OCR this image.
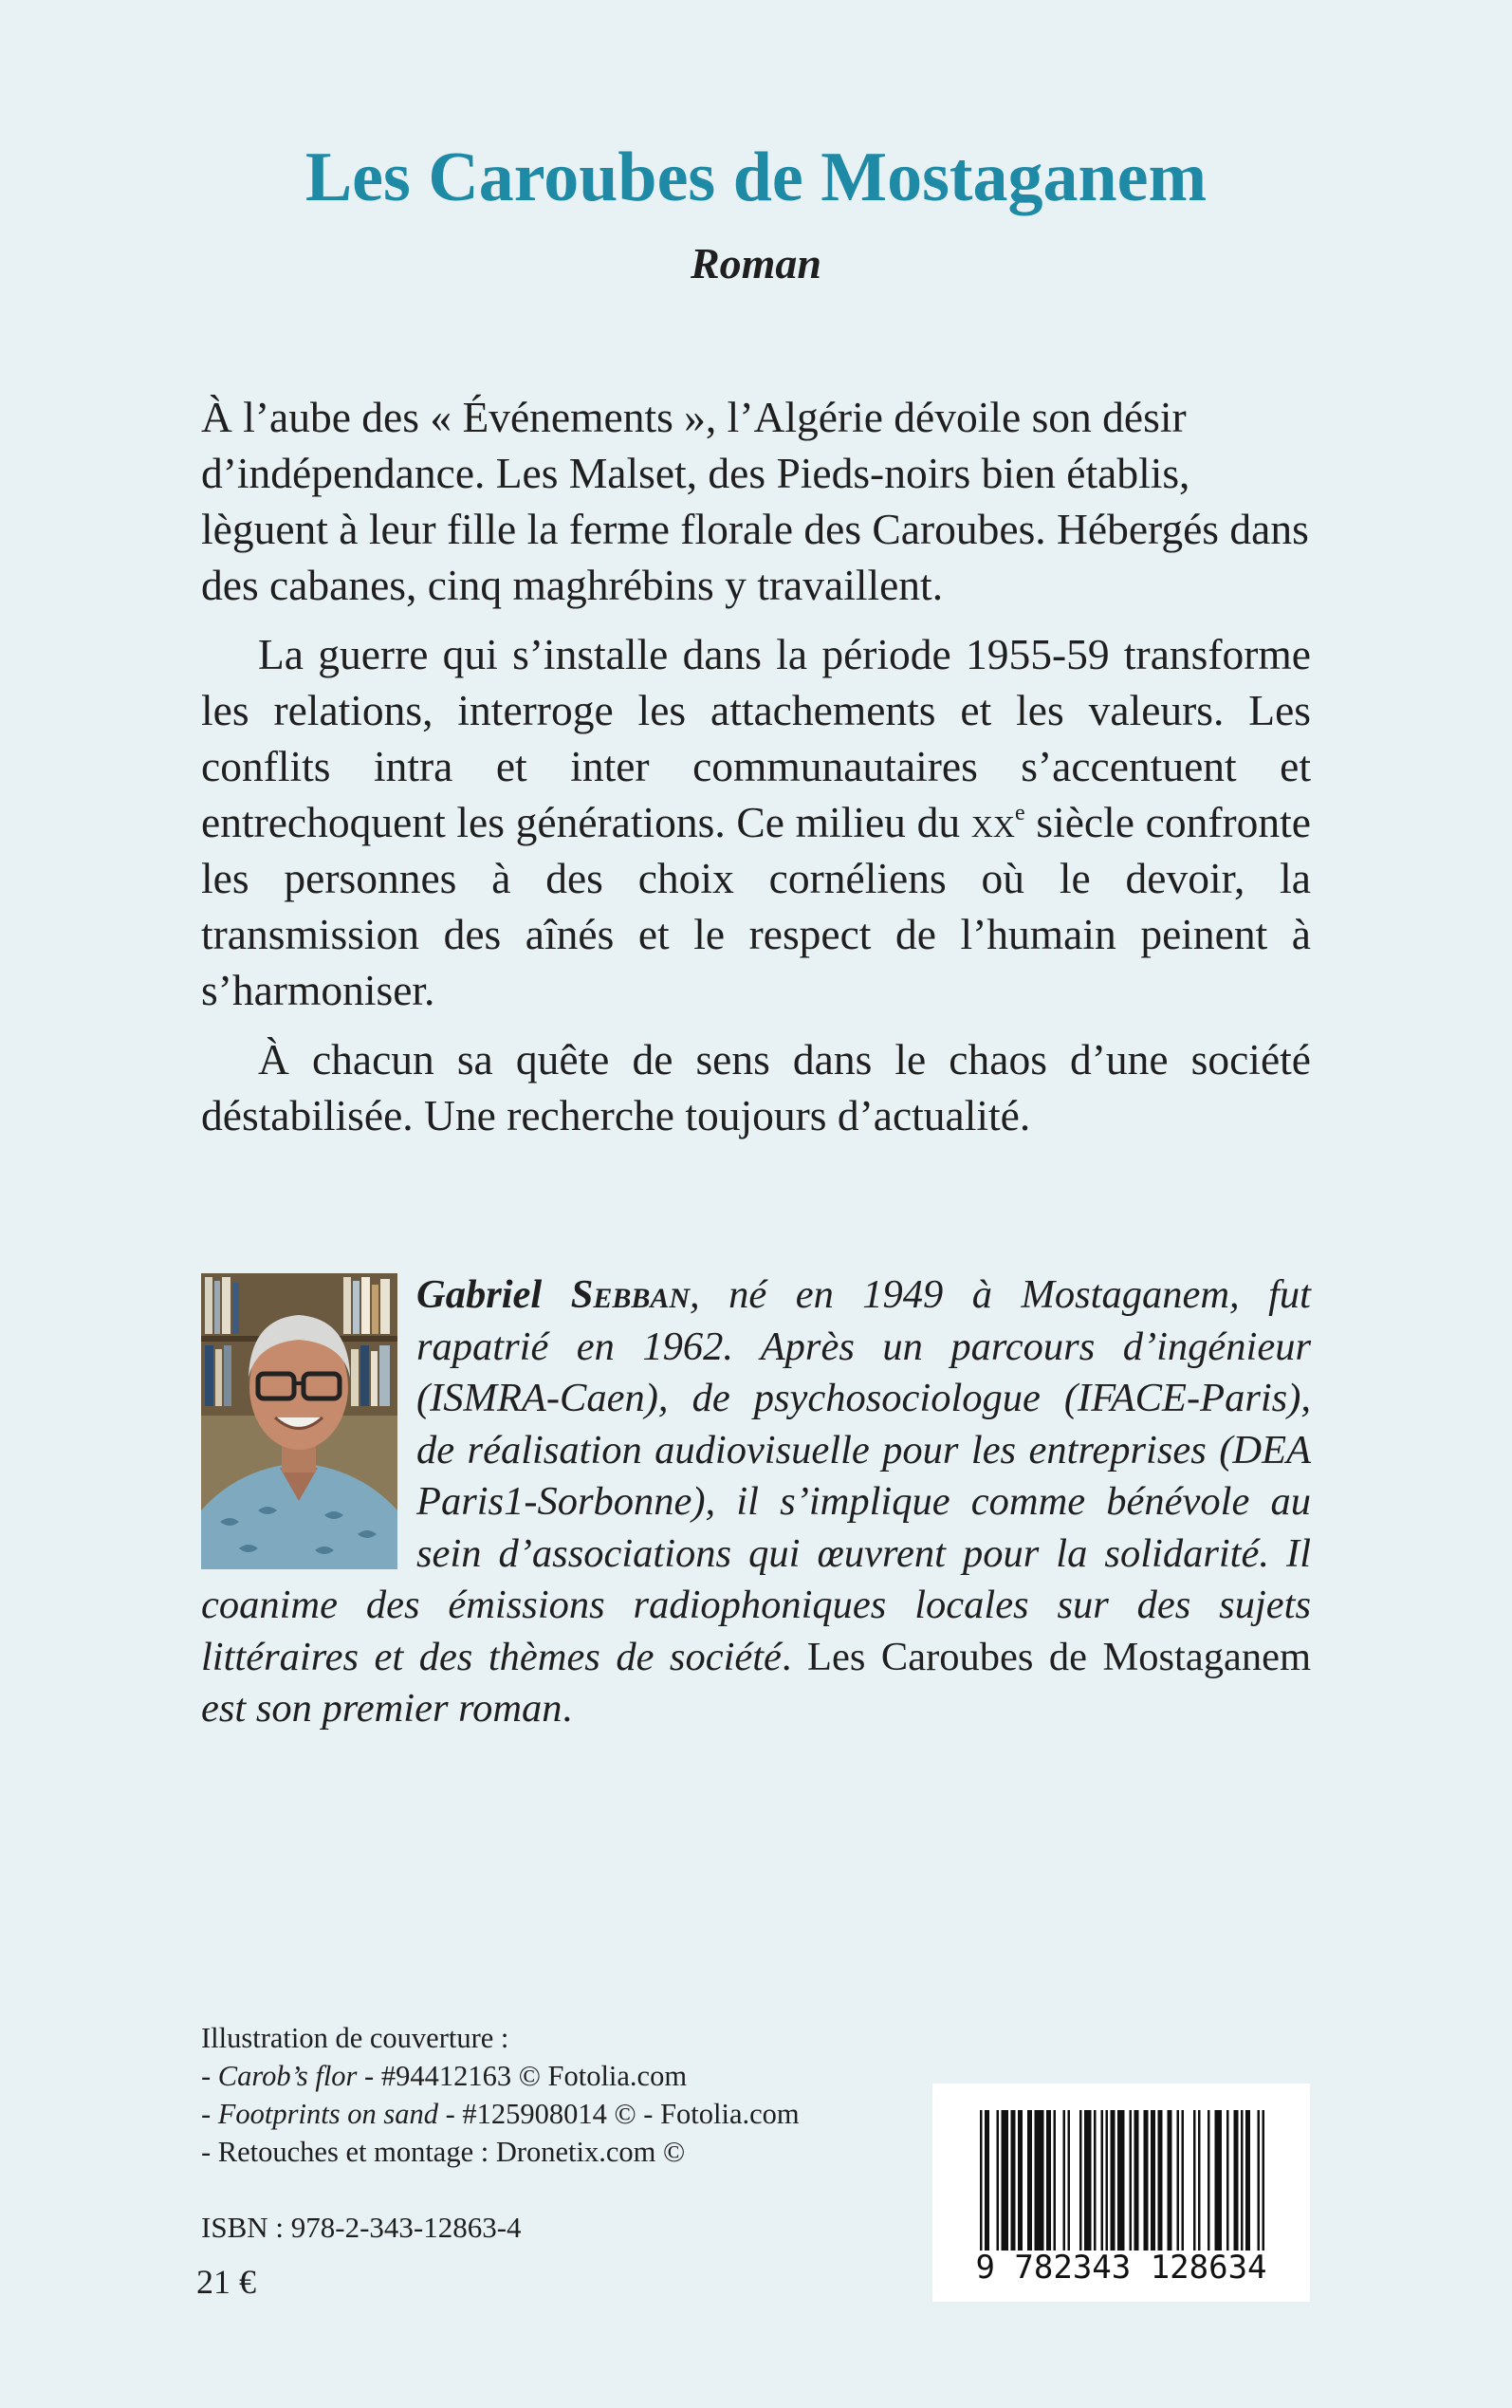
Les Caroubes de Mostaganem
Roman

À l’aube des « Événements », l’Algérie dévoile son désir d’indépendance. Les Malset, des Pieds-noirs bien établis, lèguent à leur fille la ferme florale des Caroubes. Hébergés dans des cabanes, cinq maghrébins y travaillent.

La guerre qui s’installe dans la période 1955-59 transforme les relations, interroge les attachements et les valeurs. Les conflits intra et inter communautaires s’accentuent et entrechoquent les générations. Ce milieu du $xx^e$ siècle confronte les personnes à des choix cornéliens où le devoir, la transmission des aînés et le respect de l’humain peinent à s’harmoniser.

À chacun sa quête de sens dans le chaos d’une société déstabilisée. Une recherche toujours d’actualité.

Gabriel Sebban, né en 1949 à Mostaganem, fut rapatrié en 1962. Après un parcours d’ingénieur (ISMRA-Caen), de psychosociologue (IFACE-Paris), de réalisation audiovisuelle pour les entreprises (DEA Paris1-Sorbonne), il s’implique comme bénévole au sein d’associations qui œuvrent pour la solidarité. Il coanime des émissions radiophoniques locales sur des sujets littéraires et des thèmes de société. Les Caroubes de Mostaganem est son premier roman.
Illustration de couverture :
- Carob’s flor - #94412163 © Fotolia.com
- Footprints on sand - #125908014 © - Fotolia.com
- Retouches et montage : Dronetix.com ©
ISBN : 978-2-343-12863-4
21 €	9 782343 128634
